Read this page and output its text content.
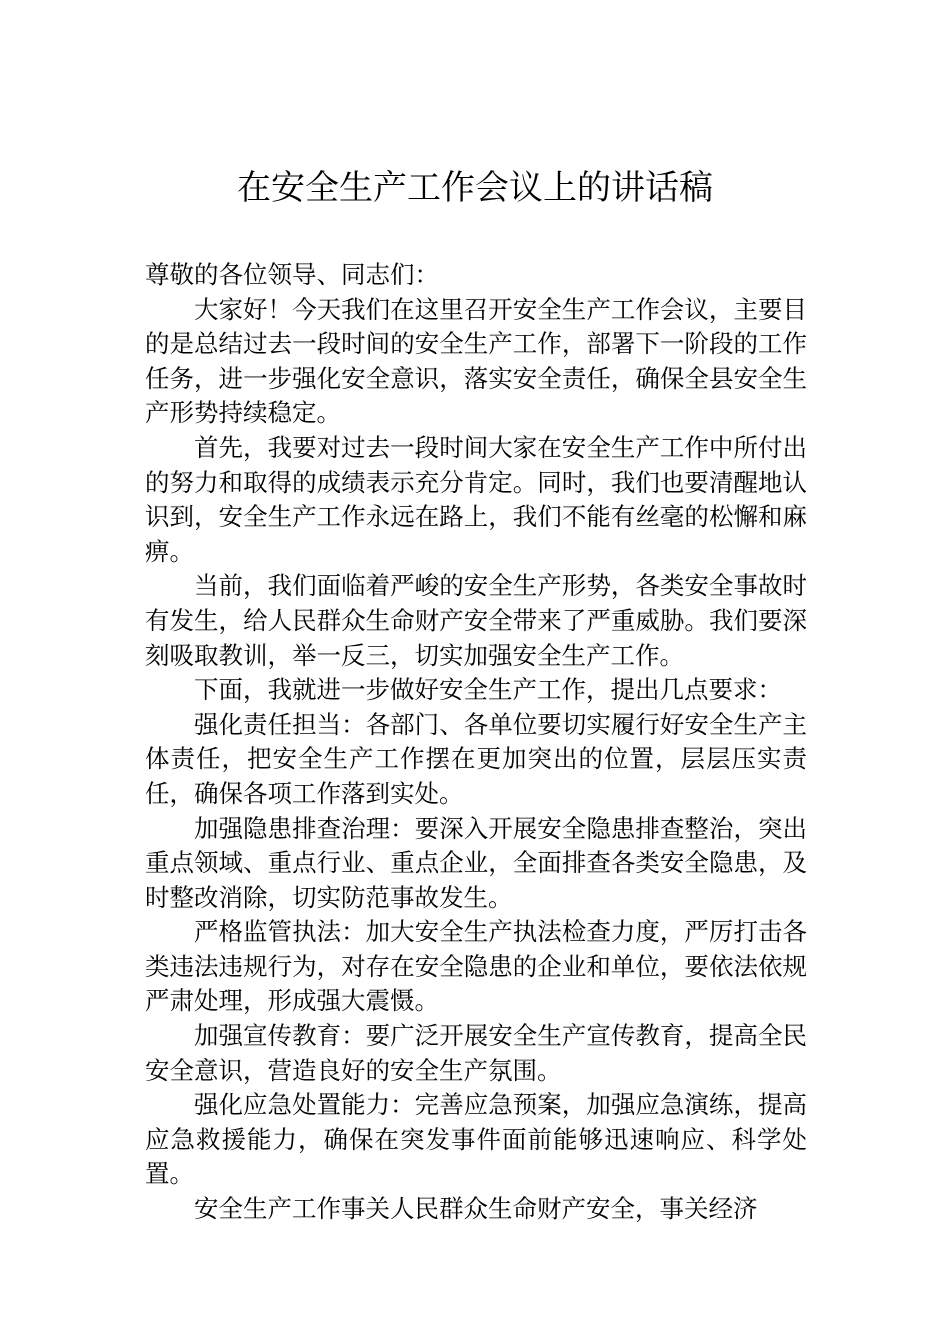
在安全生产工作会议上的讲话稿

尊敬的各位领导、同志们：

大家好！今天我们在这里召开安全生产工作会议，主要目的是总结过去一段时间的安全生产工作，部署下一阶段的工作任务，进一步强化安全意识，落实安全责任，确保全县安全生产形势持续稳定。

首先，我要对过去一段时间大家在安全生产工作中所付出的努力和取得的成绩表示充分肯定。同时，我们也要清醒地认识到，安全生产工作永远在路上，我们不能有丝毫的松懈和麻痹。

当前，我们面临着严峻的安全生产形势，各类安全事故时有发生，给人民群众生命财产安全带来了严重威胁。我们要深刻吸取教训，举一反三，切实加强安全生产工作。

下面，我就进一步做好安全生产工作，提出几点要求：

强化责任担当：各部门、各单位要切实履行好安全生产主体责任，把安全生产工作摆在更加突出的位置，层层压实责任，确保各项工作落到实处。

加强隐患排查治理：要深入开展安全隐患排查整治，突出重点领域、重点行业、重点企业，全面排查各类安全隐患，及时整改消除，切实防范事故发生。

严格监管执法：加大安全生产执法检查力度，严厉打击各类违法违规行为，对存在安全隐患的企业和单位，要依法依规严肃处理，形成强大震慑。

加强宣传教育：要广泛开展安全生产宣传教育，提高全民安全意识，营造良好的安全生产氛围。

强化应急处置能力：完善应急预案，加强应急演练，提高应急救援能力，确保在突发事件面前能够迅速响应、科学处置。

安全生产工作事关人民群众生命财产安全，事关经济
